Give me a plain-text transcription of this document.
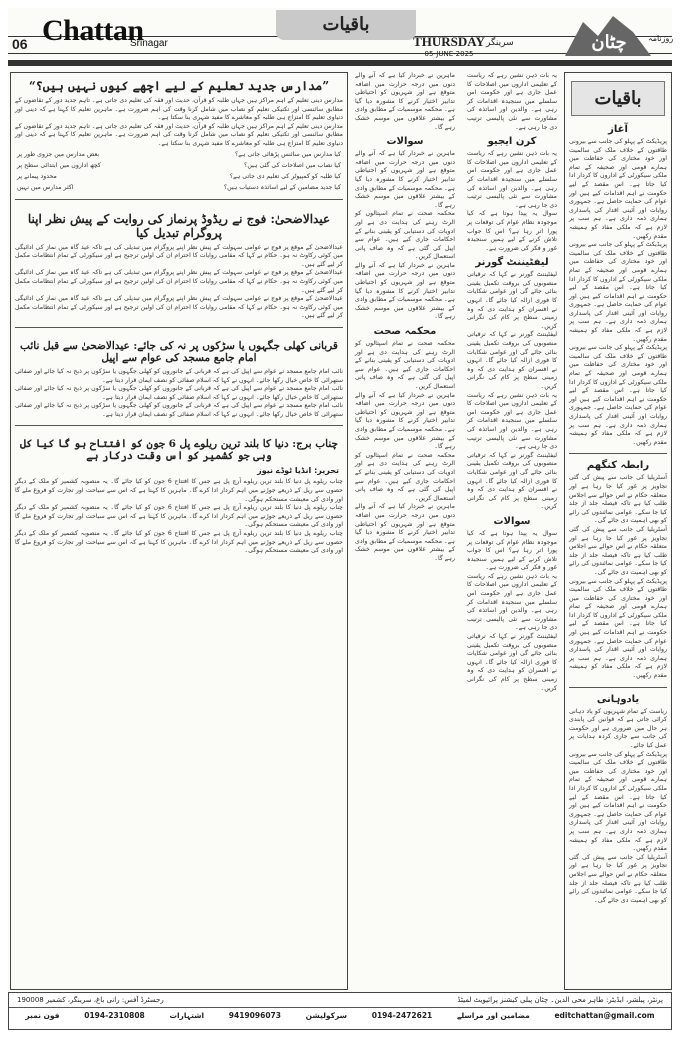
06 Chattan
Srinagar
باقیات
THURSDAY
05-JUNE-2025
سرینگر	چٹان	روزنامہ
باقیات
آغاز

پریڈیکٹ کے پہلو کی جانب سے بیرونی طاقتوں کے خلاف ملک کی سالمیت اور خود مختاری کی حفاظت میں ہمارے قومی اور صحیفہ کے تمام ملکی سیکورٹی کے اداروں کا کردار ادا کیا جاتا ہے۔ اس مقصد کے لیے حکومت نے اہم اقدامات کیے ہیں اور عوام کی حمایت حاصل ہے۔ جمہوری روایات اور آئینی اقدار کی پاسداری ہماری ذمہ داری ہے۔ ہم سب پر لازم ہے کہ ملکی مفاد کو ہمیشہ مقدم رکھیں۔

پریڈیکٹ کے پہلو کی جانب سے بیرونی طاقتوں کے خلاف ملک کی سالمیت اور خود مختاری کی حفاظت میں ہمارے قومی اور صحیفہ کے تمام ملکی سیکورٹی کے اداروں کا کردار ادا کیا جاتا ہے۔ اس مقصد کے لیے حکومت نے اہم اقدامات کیے ہیں اور عوام کی حمایت حاصل ہے۔ جمہوری روایات اور آئینی اقدار کی پاسداری ہماری ذمہ داری ہے۔ ہم سب پر لازم ہے کہ ملکی مفاد کو ہمیشہ مقدم رکھیں۔

پریڈیکٹ کے پہلو کی جانب سے بیرونی طاقتوں کے خلاف ملک کی سالمیت اور خود مختاری کی حفاظت میں ہمارے قومی اور صحیفہ کے تمام ملکی سیکورٹی کے اداروں کا کردار ادا کیا جاتا ہے۔ اس مقصد کے لیے حکومت نے اہم اقدامات کیے ہیں اور عوام کی حمایت حاصل ہے۔ جمہوری روایات اور آئینی اقدار کی پاسداری ہماری ذمہ داری ہے۔ ہم سب پر لازم ہے کہ ملکی مفاد کو ہمیشہ مقدم رکھیں۔

رابطہ کنگھم

آسٹریلیا کی جانب سے پیش کی گئی تجاویز پر غور کیا جا رہا ہے اور متعلقہ حکام نے اس حوالے سے اجلاس طلب کیا ہے تاکہ فیصلہ جلد از جلد کیا جا سکے۔ عوامی نمائندوں کی رائے کو بھی اہمیت دی جائے گی۔

آسٹریلیا کی جانب سے پیش کی گئی تجاویز پر غور کیا جا رہا ہے اور متعلقہ حکام نے اس حوالے سے اجلاس طلب کیا ہے تاکہ فیصلہ جلد از جلد کیا جا سکے۔ عوامی نمائندوں کی رائے کو بھی اہمیت دی جائے گی۔

پریڈیکٹ کے پہلو کی جانب سے بیرونی طاقتوں کے خلاف ملک کی سالمیت اور خود مختاری کی حفاظت میں ہمارے قومی اور صحیفہ کے تمام ملکی سیکورٹی کے اداروں کا کردار ادا کیا جاتا ہے۔ اس مقصد کے لیے حکومت نے اہم اقدامات کیے ہیں اور عوام کی حمایت حاصل ہے۔ جمہوری روایات اور آئینی اقدار کی پاسداری ہماری ذمہ داری ہے۔ ہم سب پر لازم ہے کہ ملکی مفاد کو ہمیشہ مقدم رکھیں۔

یادوہانی

ریاست کے تمام شہریوں کو یاد دہانی کرائی جاتی ہے کہ قوانین کی پابندی ہر حال میں ضروری ہے اور حکومت کی جانب سے جاری کردہ ہدایات پر عمل کیا جائے۔

پریڈیکٹ کے پہلو کی جانب سے بیرونی طاقتوں کے خلاف ملک کی سالمیت اور خود مختاری کی حفاظت میں ہمارے قومی اور صحیفہ کے تمام ملکی سیکورٹی کے اداروں کا کردار ادا کیا جاتا ہے۔ اس مقصد کے لیے حکومت نے اہم اقدامات کیے ہیں اور عوام کی حمایت حاصل ہے۔ جمہوری روایات اور آئینی اقدار کی پاسداری ہماری ذمہ داری ہے۔ ہم سب پر لازم ہے کہ ملکی مفاد کو ہمیشہ مقدم رکھیں۔

آسٹریلیا کی جانب سے پیش کی گئی تجاویز پر غور کیا جا رہا ہے اور متعلقہ حکام نے اس حوالے سے اجلاس طلب کیا ہے تاکہ فیصلہ جلد از جلد کیا جا سکے۔ عوامی نمائندوں کی رائے کو بھی اہمیت دی جائے گی۔

یہ بات ذہن نشین رہے کہ ریاست کے تعلیمی اداروں میں اصلاحات کا عمل جاری ہے اور حکومت اس سلسلے میں سنجیدہ اقدامات کر رہی ہے۔ والدین اور اساتذہ کی مشاورت سے نئی پالیسی ترتیب دی جا رہی ہے۔

کرن ایجیو

یہ بات ذہن نشین رہے کہ ریاست کے تعلیمی اداروں میں اصلاحات کا عمل جاری ہے اور حکومت اس سلسلے میں سنجیدہ اقدامات کر رہی ہے۔ والدین اور اساتذہ کی مشاورت سے نئی پالیسی ترتیب دی جا رہی ہے۔

سوال یہ پیدا ہوتا ہے کہ کیا موجودہ نظام عوام کی توقعات پر پورا اتر رہا ہے؟ اس کا جواب تلاش کرنے کے لیے ہمیں سنجیدہ غور و فکر کی ضرورت ہے۔

لیفٹیننٹ گورنر

لیفٹیننٹ گورنر نے کہا کہ ترقیاتی منصوبوں کی بروقت تکمیل یقینی بنائی جائے گی اور عوامی شکایات کا فوری ازالہ کیا جائے گا۔ انہوں نے افسران کو ہدایت دی کہ وہ زمینی سطح پر کام کی نگرانی کریں۔

لیفٹیننٹ گورنر نے کہا کہ ترقیاتی منصوبوں کی بروقت تکمیل یقینی بنائی جائے گی اور عوامی شکایات کا فوری ازالہ کیا جائے گا۔ انہوں نے افسران کو ہدایت دی کہ وہ زمینی سطح پر کام کی نگرانی کریں۔

یہ بات ذہن نشین رہے کہ ریاست کے تعلیمی اداروں میں اصلاحات کا عمل جاری ہے اور حکومت اس سلسلے میں سنجیدہ اقدامات کر رہی ہے۔ والدین اور اساتذہ کی مشاورت سے نئی پالیسی ترتیب دی جا رہی ہے۔

لیفٹیننٹ گورنر نے کہا کہ ترقیاتی منصوبوں کی بروقت تکمیل یقینی بنائی جائے گی اور عوامی شکایات کا فوری ازالہ کیا جائے گا۔ انہوں نے افسران کو ہدایت دی کہ وہ زمینی سطح پر کام کی نگرانی کریں۔

سوالات

سوال یہ پیدا ہوتا ہے کہ کیا موجودہ نظام عوام کی توقعات پر پورا اتر رہا ہے؟ اس کا جواب تلاش کرنے کے لیے ہمیں سنجیدہ غور و فکر کی ضرورت ہے۔

یہ بات ذہن نشین رہے کہ ریاست کے تعلیمی اداروں میں اصلاحات کا عمل جاری ہے اور حکومت اس سلسلے میں سنجیدہ اقدامات کر رہی ہے۔ والدین اور اساتذہ کی مشاورت سے نئی پالیسی ترتیب دی جا رہی ہے۔

لیفٹیننٹ گورنر نے کہا کہ ترقیاتی منصوبوں کی بروقت تکمیل یقینی بنائی جائے گی اور عوامی شکایات کا فوری ازالہ کیا جائے گا۔ انہوں نے افسران کو ہدایت دی کہ وہ زمینی سطح پر کام کی نگرانی کریں۔

ماہرین نے خبردار کیا ہے کہ آنے والے دنوں میں درجہ حرارت میں اضافہ متوقع ہے اور شہریوں کو احتیاطی تدابیر اختیار کرنے کا مشورہ دیا گیا ہے۔ محکمہ موسمیات کے مطابق وادی کے بیشتر علاقوں میں موسم خشک رہے گا۔

سوالات

ماہرین نے خبردار کیا ہے کہ آنے والے دنوں میں درجہ حرارت میں اضافہ متوقع ہے اور شہریوں کو احتیاطی تدابیر اختیار کرنے کا مشورہ دیا گیا ہے۔ محکمہ موسمیات کے مطابق وادی کے بیشتر علاقوں میں موسم خشک رہے گا۔

محکمہ صحت نے تمام اسپتالوں کو الرٹ رہنے کی ہدایت دی ہے اور ادویات کی دستیابی کو یقینی بنانے کے احکامات جاری کیے ہیں۔ عوام سے اپیل کی گئی ہے کہ وہ صاف پانی استعمال کریں۔

ماہرین نے خبردار کیا ہے کہ آنے والے دنوں میں درجہ حرارت میں اضافہ متوقع ہے اور شہریوں کو احتیاطی تدابیر اختیار کرنے کا مشورہ دیا گیا ہے۔ محکمہ موسمیات کے مطابق وادی کے بیشتر علاقوں میں موسم خشک رہے گا۔

محکمہ صحت

محکمہ صحت نے تمام اسپتالوں کو الرٹ رہنے کی ہدایت دی ہے اور ادویات کی دستیابی کو یقینی بنانے کے احکامات جاری کیے ہیں۔ عوام سے اپیل کی گئی ہے کہ وہ صاف پانی استعمال کریں۔

ماہرین نے خبردار کیا ہے کہ آنے والے دنوں میں درجہ حرارت میں اضافہ متوقع ہے اور شہریوں کو احتیاطی تدابیر اختیار کرنے کا مشورہ دیا گیا ہے۔ محکمہ موسمیات کے مطابق وادی کے بیشتر علاقوں میں موسم خشک رہے گا۔

محکمہ صحت نے تمام اسپتالوں کو الرٹ رہنے کی ہدایت دی ہے اور ادویات کی دستیابی کو یقینی بنانے کے احکامات جاری کیے ہیں۔ عوام سے اپیل کی گئی ہے کہ وہ صاف پانی استعمال کریں۔

ماہرین نے خبردار کیا ہے کہ آنے والے دنوں میں درجہ حرارت میں اضافہ متوقع ہے اور شہریوں کو احتیاطی تدابیر اختیار کرنے کا مشورہ دیا گیا ہے۔ محکمہ موسمیات کے مطابق وادی کے بیشتر علاقوں میں موسم خشک رہے گا۔

”مدارس جدید تعلیم کے لیے اچھے کیوں نہیں ہیں؟“

مدارس دینی تعلیم کے اہم مراکز ہیں جہاں طلبہ کو قرآن، حدیث اور فقہ کی تعلیم دی جاتی ہے۔ تاہم جدید دور کے تقاضوں کے مطابق سائنسی اور تکنیکی تعلیم کو نصاب میں شامل کرنا وقت کی اہم ضرورت ہے۔ ماہرین تعلیم کا کہنا ہے کہ دینی اور دنیاوی تعلیم کا امتزاج ہی طلبہ کو معاشرے کا مفید شہری بنا سکتا ہے۔

مدارس دینی تعلیم کے اہم مراکز ہیں جہاں طلبہ کو قرآن، حدیث اور فقہ کی تعلیم دی جاتی ہے۔ تاہم جدید دور کے تقاضوں کے مطابق سائنسی اور تکنیکی تعلیم کو نصاب میں شامل کرنا وقت کی اہم ضرورت ہے۔ ماہرین تعلیم کا کہنا ہے کہ دینی اور دنیاوی تعلیم کا امتزاج ہی طلبہ کو معاشرے کا مفید شہری بنا سکتا ہے۔

کیا مدارس میں سائنس پڑھائی جاتی ہے؟
بعض مدارس میں جزوی طور پر
کیا نصاب میں اصلاحات کی گئی ہیں؟
کچھ اداروں میں ابتدائی سطح پر
کیا طلبہ کو کمپیوٹر کی تعلیم دی جاتی ہے؟
محدود پیمانے پر
کیا جدید مضامین کے لیے اساتذہ دستیاب ہیں؟
اکثر مدارس میں نہیں
عیدالاضحیٰ: فوج نے ریڈوڈ پرنماز کی روایت کے پیش نظر اپنا پروگرام تبدیل کیا

عیدالاضحیٰ کے موقع پر فوج نے عوامی سہولت کے پیش نظر اپنے پروگرام میں تبدیلی کی ہے تاکہ عید گاہ میں نماز کی ادائیگی میں کوئی رکاوٹ نہ ہو۔ حکام نے کہا کہ مقامی روایات کا احترام ان کی اولین ترجیح ہے اور سیکورٹی کے تمام انتظامات مکمل کر لیے گئے ہیں۔

عیدالاضحیٰ کے موقع پر فوج نے عوامی سہولت کے پیش نظر اپنے پروگرام میں تبدیلی کی ہے تاکہ عید گاہ میں نماز کی ادائیگی میں کوئی رکاوٹ نہ ہو۔ حکام نے کہا کہ مقامی روایات کا احترام ان کی اولین ترجیح ہے اور سیکورٹی کے تمام انتظامات مکمل کر لیے گئے ہیں۔

عیدالاضحیٰ کے موقع پر فوج نے عوامی سہولت کے پیش نظر اپنے پروگرام میں تبدیلی کی ہے تاکہ عید گاہ میں نماز کی ادائیگی میں کوئی رکاوٹ نہ ہو۔ حکام نے کہا کہ مقامی روایات کا احترام ان کی اولین ترجیح ہے اور سیکورٹی کے تمام انتظامات مکمل کر لیے گئے ہیں۔

قربانی کھلی جگہوں یا سڑکوں پر نہ کی جائے: عیدالاضحیٰ سے قبل نائب امام جامع مسجد کی عوام سے اپیل

نائب امام جامع مسجد نے عوام سے اپیل کی ہے کہ قربانی کے جانوروں کو کھلی جگہوں یا سڑکوں پر ذبح نہ کیا جائے اور صفائی ستھرائی کا خاص خیال رکھا جائے۔ انہوں نے کہا کہ اسلام صفائی کو نصف ایمان قرار دیتا ہے۔

نائب امام جامع مسجد نے عوام سے اپیل کی ہے کہ قربانی کے جانوروں کو کھلی جگہوں یا سڑکوں پر ذبح نہ کیا جائے اور صفائی ستھرائی کا خاص خیال رکھا جائے۔ انہوں نے کہا کہ اسلام صفائی کو نصف ایمان قرار دیتا ہے۔

نائب امام جامع مسجد نے عوام سے اپیل کی ہے کہ قربانی کے جانوروں کو کھلی جگہوں یا سڑکوں پر ذبح نہ کیا جائے اور صفائی ستھرائی کا خاص خیال رکھا جائے۔ انہوں نے کہا کہ اسلام صفائی کو نصف ایمان قرار دیتا ہے۔

چناب برج: دنیا کا بلند ترین ریلوے پل 6 جون کو افتتاح ہو گا کیا کل وہی جو کشمیر کو اس وقت درکار ہے
تحریر: انڈیا ٹوڈے نیوز

چناب ریلوے پل دنیا کا بلند ترین ریلوے آرچ پل ہے جس کا افتتاح 6 جون کو کیا جائے گا۔ یہ منصوبہ کشمیر کو ملک کے دیگر حصوں سے ریل کے ذریعے جوڑنے میں اہم کردار ادا کرے گا۔ ماہرین کا کہنا ہے کہ اس سے سیاحت اور تجارت کو فروغ ملے گا اور وادی کی معیشت مستحکم ہوگی۔

چناب ریلوے پل دنیا کا بلند ترین ریلوے آرچ پل ہے جس کا افتتاح 6 جون کو کیا جائے گا۔ یہ منصوبہ کشمیر کو ملک کے دیگر حصوں سے ریل کے ذریعے جوڑنے میں اہم کردار ادا کرے گا۔ ماہرین کا کہنا ہے کہ اس سے سیاحت اور تجارت کو فروغ ملے گا اور وادی کی معیشت مستحکم ہوگی۔

چناب ریلوے پل دنیا کا بلند ترین ریلوے آرچ پل ہے جس کا افتتاح 6 جون کو کیا جائے گا۔ یہ منصوبہ کشمیر کو ملک کے دیگر حصوں سے ریل کے ذریعے جوڑنے میں اہم کردار ادا کرے گا۔ ماہرین کا کہنا ہے کہ اس سے سیاحت اور تجارت کو فروغ ملے گا اور وادی کی معیشت مستحکم ہوگی۔

پرنٹر، پبلشر، ایڈیٹر: طاہر محی الدین۔ چٹان پبلی کیشنز پرائیویٹ لمیٹڈ
رجسٹرڈ آفس: رانی باغ، سرینگر، کشمیر 190008
فون نمبر	0194-2310808	اشتہارات	9419096073	سرکولیشن	0194-2472621	مضامین اور مراسلے	editchattan@gmail.com
